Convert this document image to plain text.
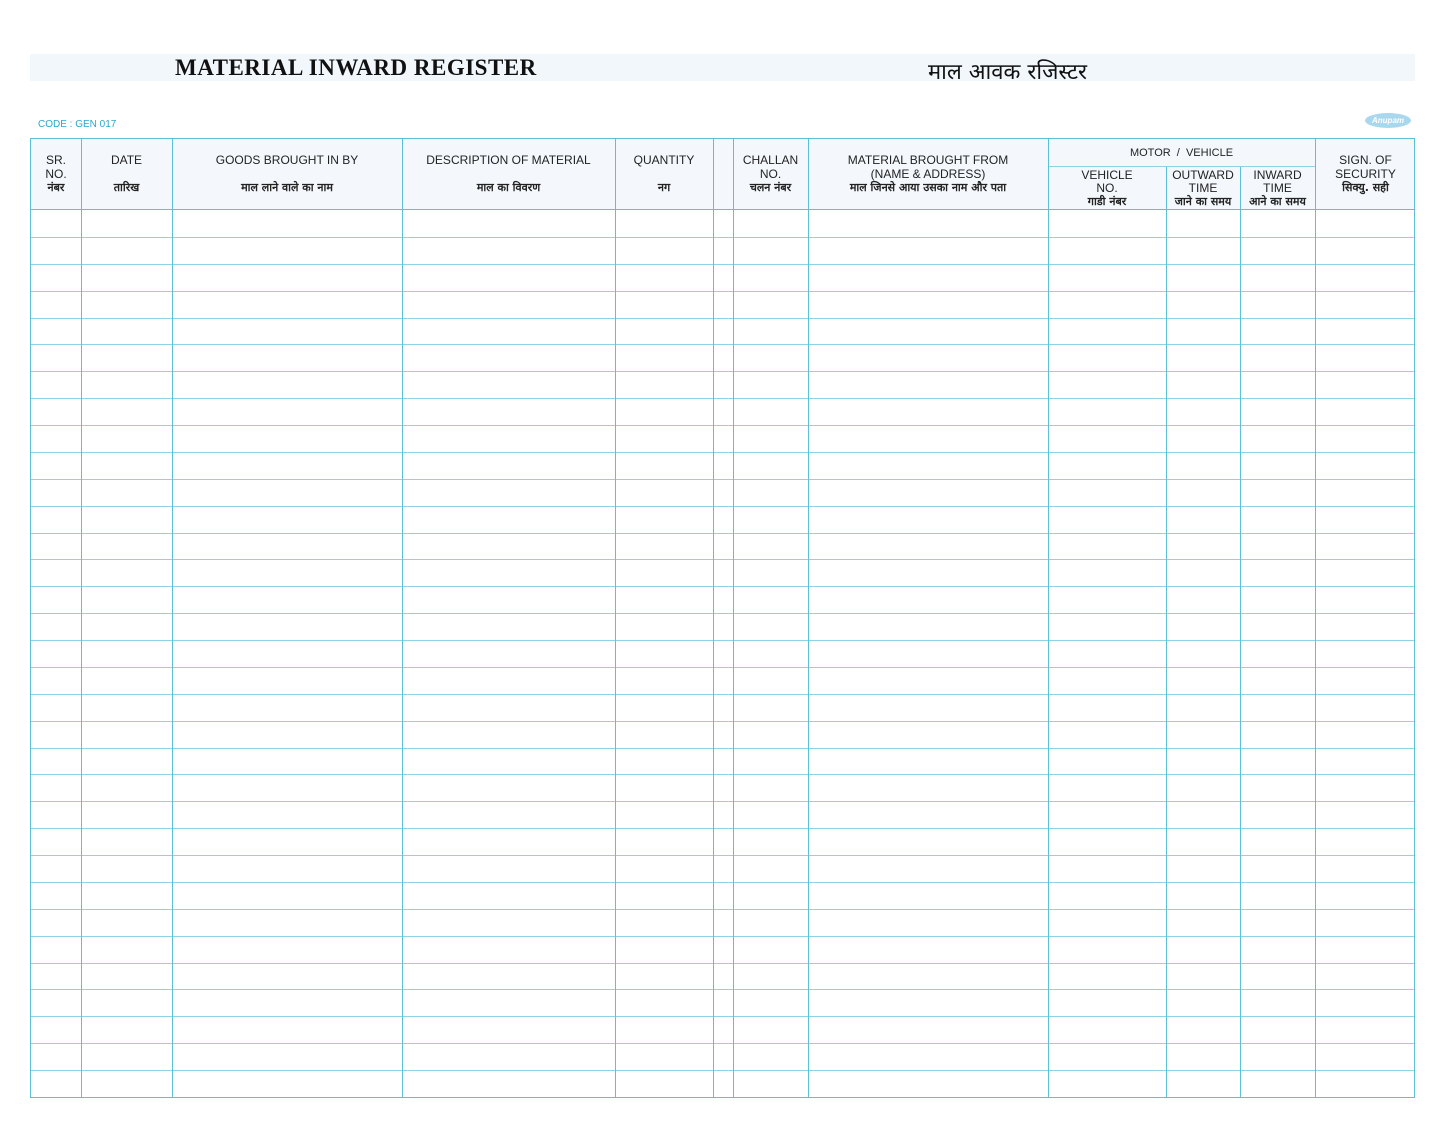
MATERIAL INWARD REGISTER	माल आवक रजिस्टर
CODE : GEN 017	Anupam
SR. NO.
नंबर
DATE
तारिख
GOODS BROUGHT IN BY
माल लाने वाले का नाम
DESCRIPTION OF MATERIAL
माल का विवरण
QUANTITY
नग
CHALLAN NO.
चलन नंबर
MATERIAL BROUGHT FROM
(NAME & ADDRESS)
माल जिनसे आया उसका नाम और पता
MOTOR  /  VEHICLE
VEHICLE NO.
गाडी नंबर
OUTWARD TIME
जाने का समय
INWARD TIME
आने का समय
SIGN. OF SECURITY
सिक्यु. सही
